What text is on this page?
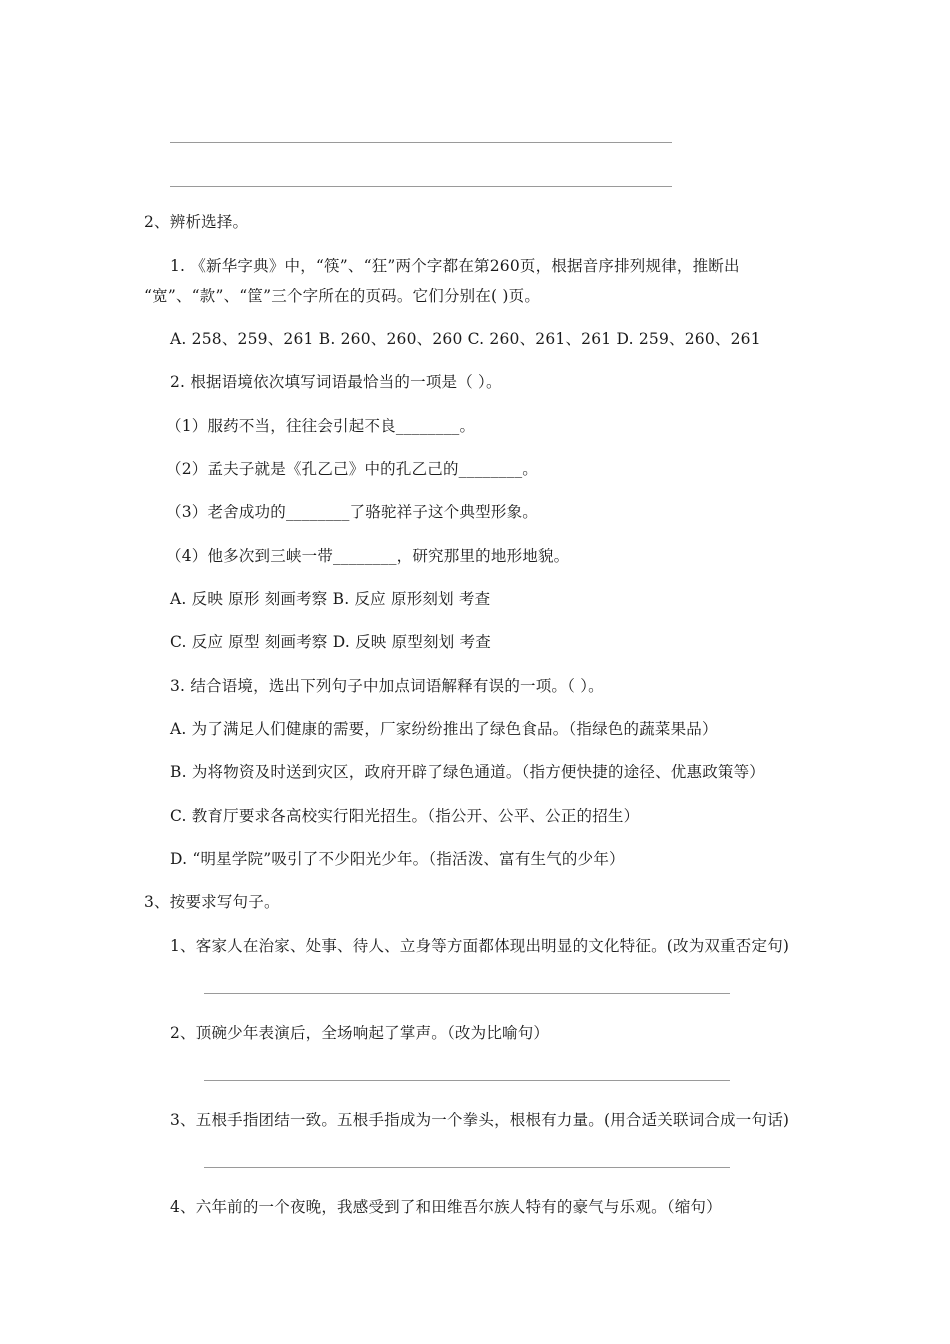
2、辨析选择。
1. 《新华字典》中，“筷”、“狂”两个字都在第260页，根据音序排列规律，推断出
“宽”、“款”、“筐”三个字所在的页码。它们分别在( )页。
A. 258、259、261 B. 260、260、260 C. 260、261、261 D. 259、260、261
2. 根据语境依次填写词语最恰当的一项是（ ）。
（1）服药不当，往往会引起不良________。
（2）孟夫子就是《孔乙己》中的孔乙己的________。
（3）老舍成功的________了骆驼祥子这个典型形象。
（4）他多次到三峡一带________，研究那里的地形地貌。
A. 反映 原形 刻画考察 B. 反应 原形刻划 考查
C. 反应 原型 刻画考察 D. 反映 原型刻划 考查
3. 结合语境，选出下列句子中加点词语解释有误的一项。（ ）。
A. 为了满足人们健康的需要，厂家纷纷推出了绿色食品。（指绿色的蔬菜果品）
B. 为将物资及时送到灾区，政府开辟了绿色通道。（指方便快捷的途径、优惠政策等）
C. 教育厅要求各高校实行阳光招生。（指公开、公平、公正的招生）
D. “明星学院”吸引了不少阳光少年。（指活泼、富有生气的少年）
3、按要求写句子。
1、客家人在治家、处事、待人、立身等方面都体现出明显的文化特征。(改为双重否定句)
2、顶碗少年表演后，全场响起了掌声。（改为比喻句）
3、五根手指团结一致。五根手指成为一个拳头，根根有力量。(用合适关联词合成一句话)
4、六年前的一个夜晚，我感受到了和田维吾尔族人特有的豪气与乐观。（缩句）
